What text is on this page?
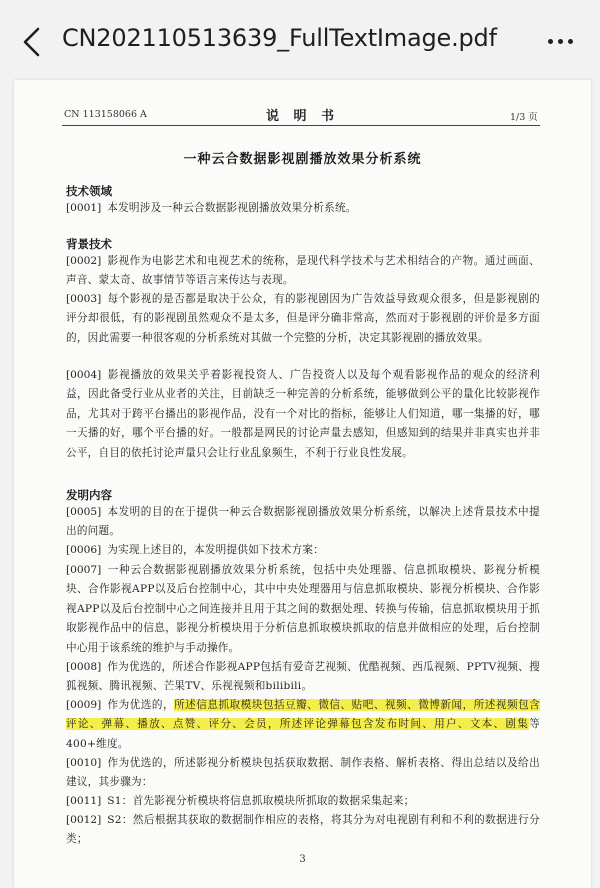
CN202110513639_FullTextImage.pdf
CN 113158066 A	说 明 书	1/3 页
一种云合数据影视剧播放效果分析系统
技术领域
[0001] 本发明涉及一种云合数据影视剧播放效果分析系统。
背景技术
[0002] 影视作为电影艺术和电视艺术的统称，是现代科学技术与艺术相结合的产物。通过画面、声音、蒙太奇、故事情节等语言来传达与表现。
[0003] 每个影视的是否都是取决于公众，有的影视剧因为广告效益导致观众很多，但是影视剧的评分却很低，有的影视剧虽然观众不是太多，但是评分确非常高，然而对于影视剧的评价是多方面的，因此需要一种很客观的分析系统对其做一个完整的分析，决定其影视剧的播放效果。
[0004] 影视播放的效果关乎着影视投资人、广告投资人以及每个观看影视作品的观众的经济利益，因此备受行业从业者的关注，目前缺乏一种完善的分析系统，能够做到公平的量化比较影视作品，尤其对于跨平台播出的影视作品，没有一个对比的指标，能够让人们知道，哪一集播的好，哪一天播的好，哪个平台播的好。一般都是网民的讨论声量去感知，但感知到的结果并非真实也并非公平，自目的依托讨论声量只会让行业乱象频生，不利于行业良性发展。
发明内容
[0005] 本发明的目的在于提供一种云合数据影视剧播放效果分析系统，以解决上述背景技术中提出的问题。
[0006] 为实现上述目的，本发明提供如下技术方案：
[0007] 一种云合数据影视剧播放效果分析系统，包括中央处理器、信息抓取模块、影视分析模块、合作影视APP以及后台控制中心，其中中央处理器用与信息抓取模块、影视分析模块、合作影视APP以及后台控制中心之间连接并且用于其之间的数据处理、转换与传输，信息抓取模块用于抓取影视作品中的信息，影视分析模块用于分析信息抓取模块抓取的信息并做相应的处理，后台控制中心用于该系统的维护与手动操作。
[0008] 作为优选的，所述合作影视APP包括有爱奇艺视频、优酷视频、西瓜视频、PPTV视频、搜狐视频、腾讯视频、芒果TV、乐视视频和bilibili。
[0009] 作为优选的，所述信息抓取模块包括豆瓣、微信、贴吧、视频、微博新闻，所述视频包含评论、弹幕、播放、点赞、评分、会员，所述评论弹幕包含发布时间、用户、文本、剧集等400+维度。
[0010] 作为优选的，所述影视分析模块包括获取数据、制作表格、解析表格、得出总结以及给出建议，其步骤为：
[0011] S1：首先影视分析模块将信息抓取模块所抓取的数据采集起来；
[0012] S2：然后根据其获取的数据制作相应的表格，将其分为对电视剧有利和不利的数据进行分类；
3
